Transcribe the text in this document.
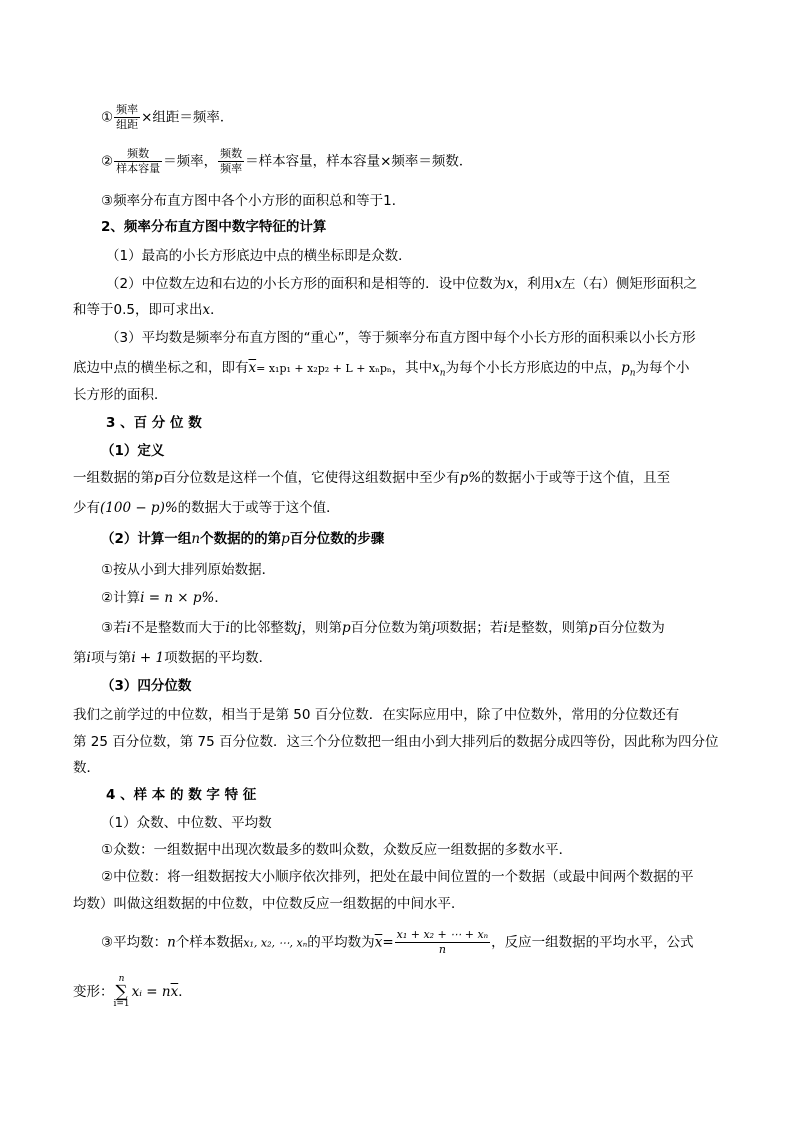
① $\frac{\text{频率}}{\text{组距}}$ ×组距＝频率．
② $\frac{\text{频数}}{\text{样本容量}}$ ＝频率， $\frac{\text{频数}}{\text{频率}}$ ＝样本容量，样本容量×频率＝频数．
③频率分布直方图中各个小方形的面积总和等于1．
2、频率分布直方图中数字特征的计算
（1）最高的小长方形底边中点的横坐标即是众数．
（2）中位数左边和右边的小长方形的面积和是相等的．设中位数为x，利用x左（右）侧矩形面积之
和等于0.5，即可求出x．
（3）平均数是频率分布直方图的“重心”，等于频率分布直方图中每个小长方形的面积乘以小长方形
底边中点的横坐标之和，即有$\overline{x}= x_1p_1 + x_2p_2 + L + x_np_n$，其中$x_n$为每个小长方形底边的中点，$p_n$为每个小
长方形的面积．
3 、百 分 位 数
（1）定义
一组数据的第p百分位数是这样一个值，它使得这组数据中至少有p%的数据小于或等于这个值，且至
少有(100 − p)%的数据大于或等于这个值．
（2）计算一组n个数据的的第p百分位数的步骤
①按从小到大排列原始数据．
②计算i = n × p%．
③若i不是整数而大于i的比邻整数j，则第p百分位数为第j项数据；若i是整数，则第p百分位数为
第i项与第i + 1项数据的平均数．
（3）四分位数
我们之前学过的中位数，相当于是第 50 百分位数．在实际应用中，除了中位数外，常用的分位数还有
第 25 百分位数，第 75 百分位数．这三个分位数把一组由小到大排列后的数据分成四等份，因此称为四分位
数．
4 、样 本 的 数 字 特 征
（1）众数、中位数、平均数
①众数：一组数据中出现次数最多的数叫众数，众数反应一组数据的多数水平．
②中位数：将一组数据按大小顺序依次排列，把处在最中间位置的一个数据（或最中间两个数据的平
均数）叫做这组数据的中位数，中位数反应一组数据的中间水平．
③平均数：n个样本数据x₁, x₂, ⋯, xₙ的平均数为$\overline{x}= \frac{\text{x₁ + x₂ + ⋯ + xₙ}}{n}$ ，反应一组数据的平均水平，公式
变形：n
∑
i=1xᵢ = $n\overline{x}$．
